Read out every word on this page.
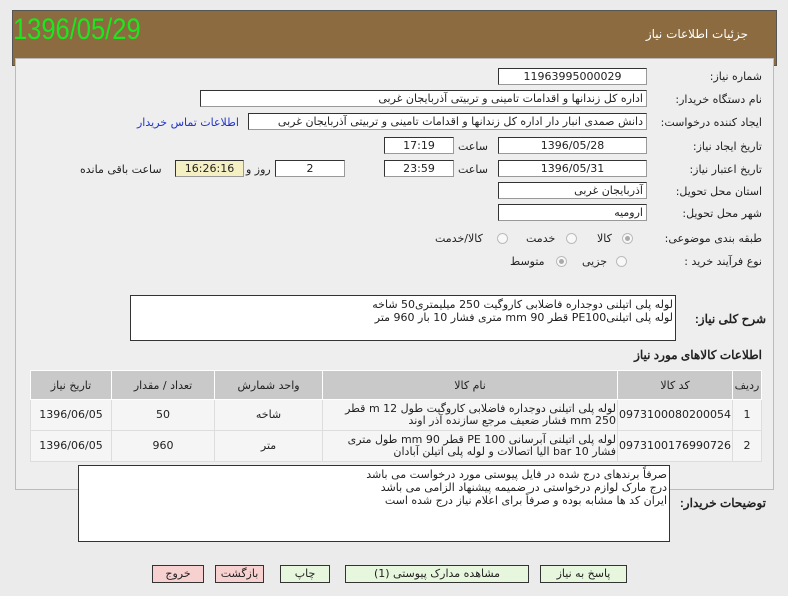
جزئیات اطلاعات نیاز
1396/05/29
شماره نیاز:
11963995000029
نام دستگاه خریدار:
اداره کل زندانها و اقدامات تامینی و تربیتی آذربایجان غربی
ایجاد کننده درخواست:
دانش صمدی انبار دار اداره کل زندانها و اقدامات تامینی و تربیتی آذربایجان غربی
اطلاعات تماس خریدار
تاریخ ایجاد نیاز:
1396/05/28
ساعت
17:19
تاریخ اعتبار نیاز:
1396/05/31
ساعت
23:59
2
روز و
16:26:16
ساعت باقی مانده
استان محل تحویل:
آذربایجان غربی
شهر محل تحویل:
ارومیه
طبقه بندی موضوعی:
کالا
خدمت
کالا/خدمت
نوع فرآیند خرید :
جزیی
متوسط
شرح کلی نیاز:
لوله پلی اتیلنی دوجداره فاضلابی کاروگیت 250 میلیمتری50 شاخه
لوله پلی اتیلنیPE100 قطر mm 90 متری فشار 10 بار 960 متر
اطلاعات کالاهای مورد نیاز
ردیف	کد کالا	نام کالا	واحد شمارش	تعداد / مقدار	تاریخ نیاز
1	0973100080200054	لوله پلی اتیلنی دوجداره فاضلابی کاروگیت طول m 12 قطر 250 mm فشار ضعیف مرجع سازنده آذر اوند	شاخه	50	1396/06/05
2	0973100176990726	لوله پلی اتیلنی آبرسانی PE 100 قطر mm 90 طول متری فشار bar 10 الیا اتصالات و لوله پلی اتیلن آبادان	متر	960	1396/06/05
توضیحات خریدار:
صرفاً برندهای درج شده در فایل پیوستی مورد درخواست می باشد
درج مارک لوازم درخواستی در ضمیمه پیشنهاد الزامی می باشد
ایران کد ها مشابه بوده و صرفاً برای اعلام نیاز درج شده است
پاسخ به نیاز
مشاهده مدارک پیوستی (1)
چاپ
بازگشت
خروج
